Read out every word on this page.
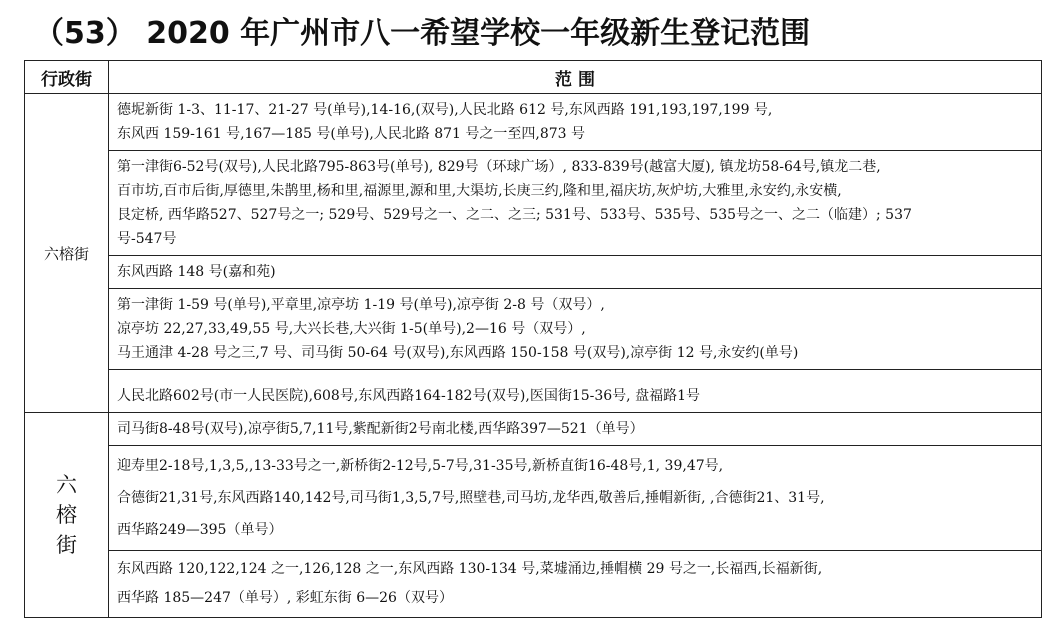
（53） 2020 年广州市八一希望学校一年级新生登记范围
行政街	范 围
六榕街	德坭新街 1-3、11-17、21-27 号(单号),14-16,(双号),人民北路 612 号,东风西路 191,193,197,199 号,
东风西 159-161 号,167—185 号(单号),人民北路 871 号之一至四,873 号

	第一津街6-52号(双号),人民北路795-863号(单号), 829号（环球广场）, 833-839号(越富大厦), 镇龙坊58-64号,镇龙二巷,
百市坊,百市后街,厚德里,朱鹊里,杨和里,福源里,源和里,大渠坊,长庚三约,隆和里,福庆坊,灰炉坊,大雅里,永安约,永安横,
艮定桥, 西华路527、527号之一; 529号、529号之一、之二、之三; 531号、533号、535号、535号之一、之二（临建）; 537
号-547号

	东风西路 148 号(嘉和苑)

	第一津街 1-59 号(单号),平章里,凉亭坊 1-19 号(单号),凉亭街 2-8 号（双号）,
凉亭坊 22,27,33,49,55 号,大兴长巷,大兴街 1-5(单号),2—16 号（双号）,
马王通津 4-28 号之三,7 号、司马街 50-64 号(双号),东风西路 150-158 号(双号),凉亭街 12 号,永安约(单号)

	人民北路602号(市一人民医院),608号,东风西路164-182号(双号),医国街15-36号, 盘福路1号

六
榕
街	司马街8-48号(双号),凉亭街5,7,11号,紫配新街2号南北楼,西华路397—521（单号）

	迎寿里2-18号,1,3,5,,13-33号之一,新桥街2-12号,5-7号,31-35号,新桥直街16-48号,1, 39,47号,
合德街21,31号,东风西路140,142号,司马街1,3,5,7号,照壁巷,司马坊,龙华西,敬善后,捶帽新街, ,合德街21、31号,
西华路249—395（单号）

	东风西路 120,122,124 之一,126,128 之一,东风西路 130-134 号,菜墟涌边,捶帽横 29 号之一,长福西,长福新街,
西华路 185—247（单号）, 彩虹东街 6—26（双号）
